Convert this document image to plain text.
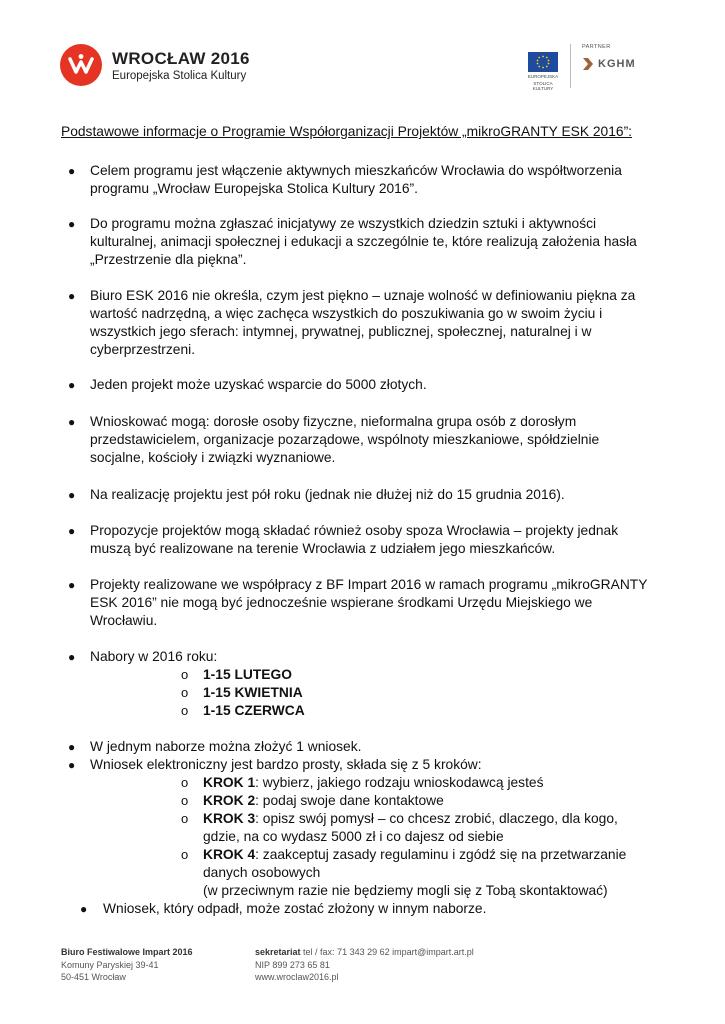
WROCŁAW 2016
Europejska Stolica Kultury	EUROPEJSKA
STOLICA KULTURY
PARTNER
KGHM
Podstawowe informacje o Programie Współorganizacji Projektów „mikroGRANTY ESK 2016”:
● Celem programu jest włączenie aktywnych mieszkańców Wrocławia do współtworzenia
programu „Wrocław Europejska Stolica Kultury 2016”.
● Do programu można zgłaszać inicjatywy ze wszystkich dziedzin sztuki i aktywności
kulturalnej, animacji społecznej i edukacji a szczególnie te, które realizują założenia hasła
„Przestrzenie dla piękna”.
● Biuro ESK 2016 nie określa, czym jest piękno – uznaje wolność w definiowaniu piękna za
wartość nadrzędną, a więc zachęca wszystkich do poszukiwania go w swoim życiu i
wszystkich jego sferach: intymnej, prywatnej, publicznej, społecznej, naturalnej i w
cyberprzestrzeni.
● Jeden projekt może uzyskać wsparcie do 5000 złotych.
● Wnioskować mogą: dorosłe osoby fizyczne, nieformalna grupa osób z dorosłym
przedstawicielem, organizacje pozarządowe, wspólnoty mieszkaniowe, spółdzielnie
socjalne, kościoły i związki wyznaniowe.
● Na realizację projektu jest pół roku (jednak nie dłużej niż do 15 grudnia 2016).
● Propozycje projektów mogą składać również osoby spoza Wrocławia – projekty jednak
muszą być realizowane na terenie Wrocławia z udziałem jego mieszkańców.
● Projekty realizowane we współpracy z BF Impart 2016 w ramach programu „mikroGRANTY
ESK 2016” nie mogą być jednocześnie wspierane środkami Urzędu Miejskiego we
Wrocławiu.
● Nabory w 2016 roku:
o 1-15 LUTEGO
o 1-15 KWIETNIA
o 1-15 CZERWCA
● W jednym naborze można złożyć 1 wniosek.
● Wniosek elektroniczny jest bardzo prosty, składa się z 5 kroków:
o KROK 1: wybierz, jakiego rodzaju wnioskodawcą jesteś
o KROK 2: podaj swoje dane kontaktowe
o KROK 3: opisz swój pomysł – co chcesz zrobić, dlaczego, dla kogo,
gdzie, na co wydasz 5000 zł i co dajesz od siebie
o KROK 4: zaakceptuj zasady regulaminu i zgódź się na przetwarzanie
danych osobowych
(w przeciwnym razie nie będziemy mogli się z Tobą skontaktować)
● Wniosek, który odpadł, może zostać złożony w innym naborze.
Biuro Festiwalowe Impart 2016
Komuny Paryskiej 39-41
50-451 Wrocław
sekretariat tel / fax: 71 343 29 62 impart@impart.art.pl
NIP 899 273 65 81
www.wroclaw2016.pl
